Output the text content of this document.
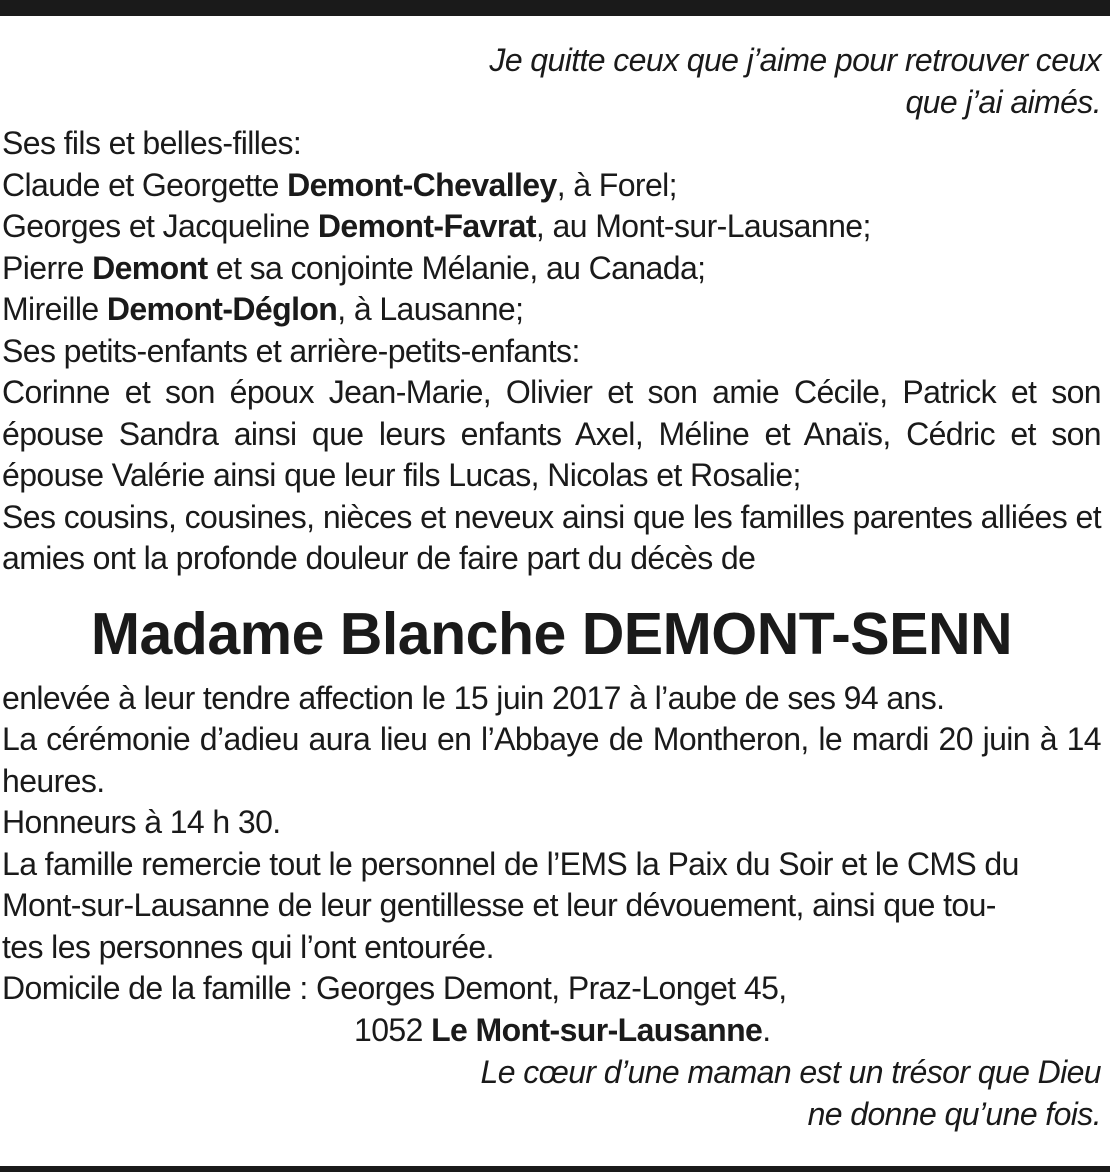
Je quitte ceux que j’aime pour retrouver ceux
que j’ai aimés.
Ses fils et belles-filles:
Claude et Georgette Demont-Chevalley, à Forel;
Georges et Jacqueline Demont-Favrat, au Mont-sur-Lausanne;
Pierre Demont et sa conjointe Mélanie, au Canada;
Mireille Demont-Déglon, à Lausanne;
Ses petits-enfants et arrière-petits-enfants:
Corinne et son époux Jean-Marie, Olivier et son amie Cécile, Patrick et son épouse Sandra ainsi que leurs enfants Axel, Méline et Anaïs, Cédric et son épouse Valérie ainsi que leur fils Lucas, Nicolas et Rosalie;
Ses cousins, cousines, nièces et neveux ainsi que les familles parentes alliées et amies ont la profonde douleur de faire part du décès de
Madame Blanche DEMONT-SENN
enlevée à leur tendre affection le 15 juin 2017 à l’aube de ses 94 ans.
La cérémonie d’adieu aura lieu en l’Abbaye de Montheron, le mardi 20 juin à 14 heures.
Honneurs à 14 h 30.
La famille remercie tout le personnel de l’EMS la Paix du Soir et le CMS du
Mont-sur-Lausanne de leur gentillesse et leur dévouement, ainsi que tou-
tes les personnes qui l’ont entourée.
Domicile de la famille : Georges Demont, Praz-Longet 45,
1052 Le Mont-sur-Lausanne.
Le cœur d’une maman est un trésor que Dieu
ne donne qu’une fois.
